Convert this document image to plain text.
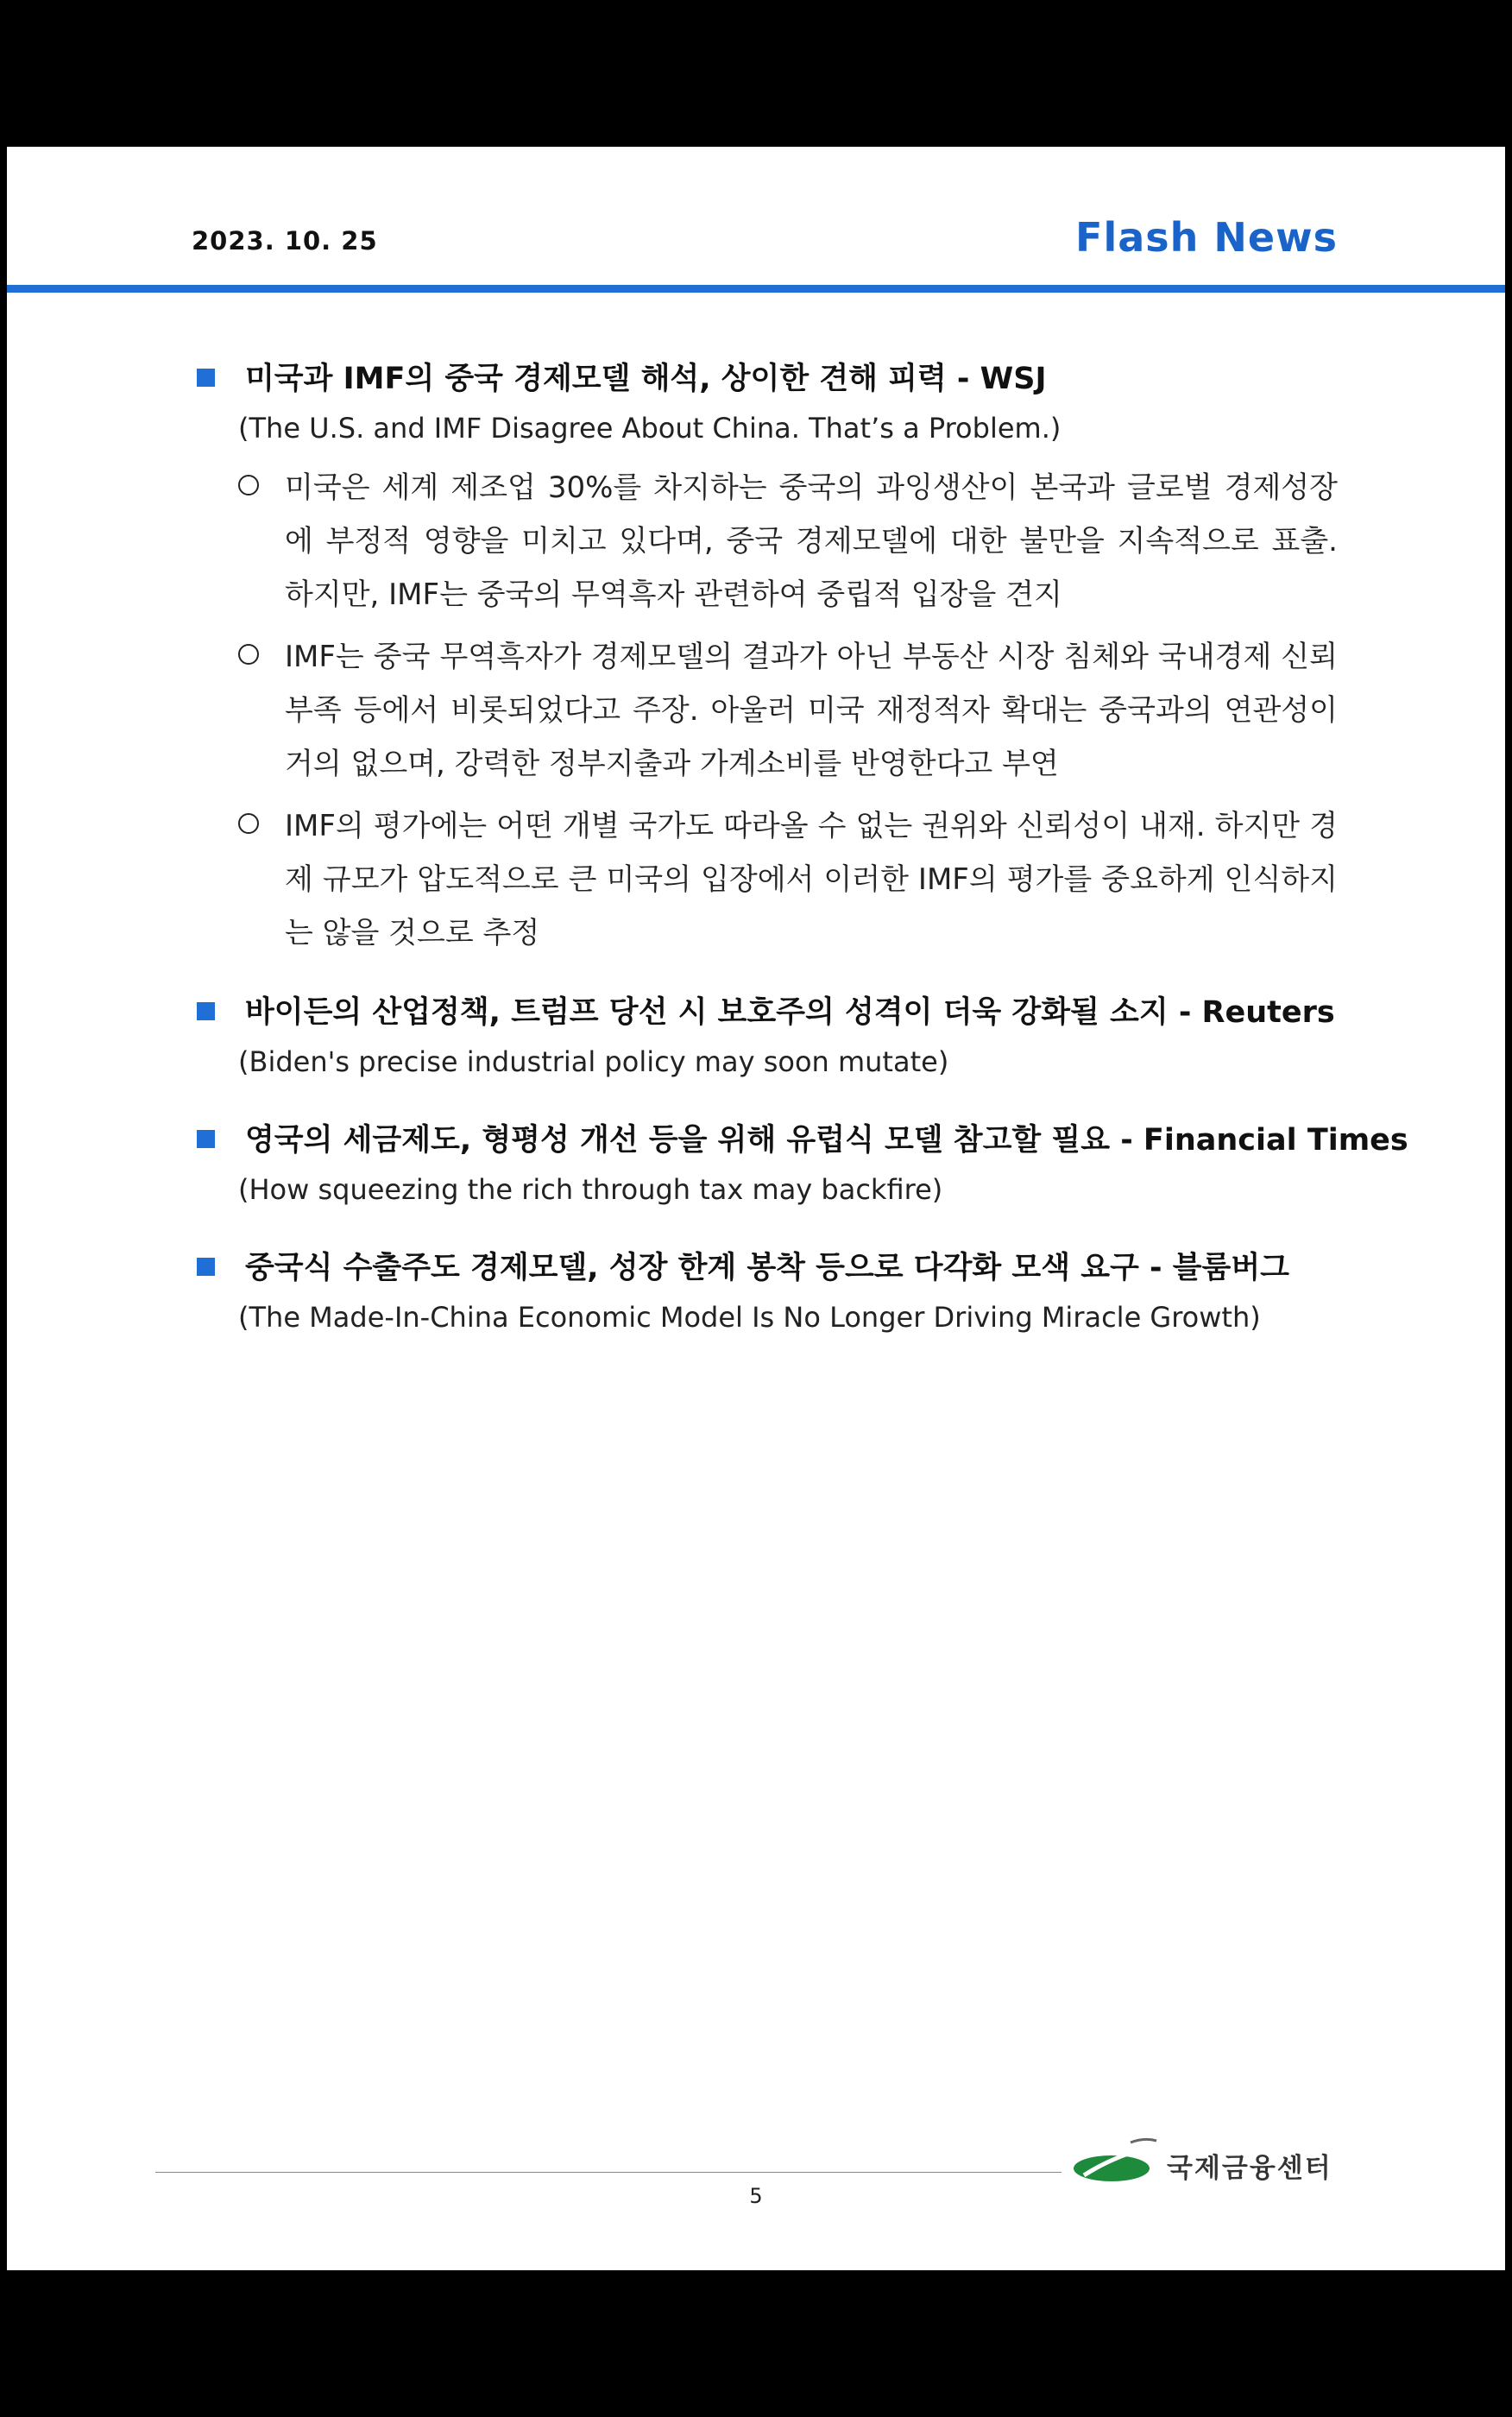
2023. 10. 25	Flash News
미국과 IMF의 중국 경제모델 해석, 상이한 견해 피력 - WSJ
(The U.S. and IMF Disagree About China. That’s a Problem.)
미국은 세계 제조업 30%를 차지하는 중국의 과잉생산이 본국과 글로벌 경제성장에 부정적 영향을 미치고 있다며, 중국 경제모델에 대한 불만을 지속적으로 표출. 하지만, IMF는 중국의 무역흑자 관련하여 중립적 입장을 견지
IMF는 중국 무역흑자가 경제모델의 결과가 아닌 부동산 시장 침체와 국내경제 신뢰 부족 등에서 비롯되었다고 주장. 아울러 미국 재정적자 확대는 중국과의 연관성이 거의 없으며, 강력한 정부지출과 가계소비를 반영한다고 부연
IMF의 평가에는 어떤 개별 국가도 따라올 수 없는 권위와 신뢰성이 내재. 하지만 경제 규모가 압도적으로 큰 미국의 입장에서 이러한 IMF의 평가를 중요하게 인식하지는 않을 것으로 추정
바이든의 산업정책, 트럼프 당선 시 보호주의 성격이 더욱 강화될 소지 - Reuters
(Biden's precise industrial policy may soon mutate)
영국의 세금제도, 형평성 개선 등을 위해 유럽식 모델 참고할 필요 - Financial Times
(How squeezing the rich through tax may backfire)
중국식 수출주도 경제모델, 성장 한계 봉착 등으로 다각화 모색 요구 - 블룸버그
(The Made-In-China Economic Model Is No Longer Driving Miracle Growth)
국제금융센터
5
